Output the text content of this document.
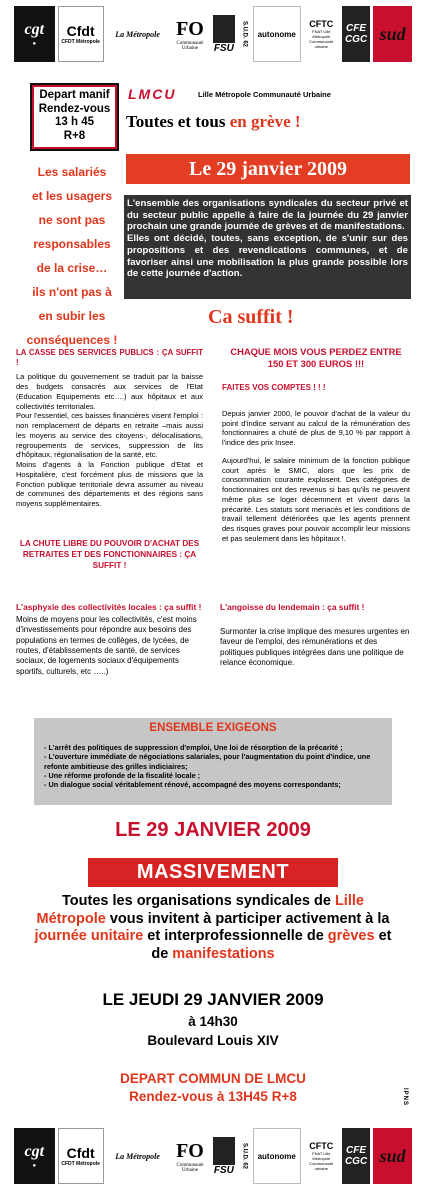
cgt
●
Cfdt
CFDT Métropole
La Métropole FO
Communauté Urbaine	FSU
S.U.D. 62 autonome
CFTC
FNAT Lille Métropole Communauté urbaine
CFE CGC sud
Depart manif
Rendez-vous
13 h 45
R+8
Les salariés
et les usagers
ne sont pas
responsables
de la crise…
ils n'ont pas à
en subir les
conséquences !
LMCU	Lille Métropole Communauté Urbaine
Toutes et tous en grève !
Le 29 janvier 2009

L'ensemble des organisations syndicales du secteur privé et du secteur public appelle à faire de la journée du 29 janvier prochain une grande journée de grèves et de manifestations.

Elles ont décidé, toutes, sans exception, de s'unir sur des propositions et des revendications communes, et de favoriser ainsi une mobilisation la plus grande possible lors de cette journée d'action.

Ca suffit !
LA CASSE DES SERVICES PUBLICS : ÇA SUFFIT !

La politique du gouvernement se traduit par la baisse des budgets consacrés aux services de l'Etat (Education Equipements etc….) aux hôpitaux et aux collectivités territoriales.

Pour l'essentiel, ces baisses financières visent l'emploi : non remplacement de départs en retraite –mais aussi les moyens au service des citoyens-, délocalisations, regroupements de services, suppression de lits d'hôpitaux, régionalisation de la santé, etc.

Moins d'agents à la Fonction publique d'Etat et Hospitalière, c'est forcément plus de missions que la Fonction publique territoriale devra assumer au niveau de communes des départements et des régions sans moyens supplémentaires.

CHAQUE MOIS VOUS PERDEZ ENTRE 150 ET 300 EUROS !!!
FAITES VOS COMPTES ! ! !

Depuis janvier 2000, le pouvoir d'achat de la valeur du point d'indice servant au calcul de la rémunération des fonctionnaires a chuté de plus de 9,10 % par rapport à l'indice des prix Insee.

Aujourd'hui, le salaire minimum de la fonction publique court après le SMIC, alors que les prix de consommation courante explosent. Des catégories de fonctionnaires ont des revenus si bas qu'ils ne peuvent même plus se loger décemment et vivent dans la précarité. Les statuts sont menacés et les conditions de travail tellement détériorées que les agents prennent des risques graves pour pouvoir accomplir leur missions et pas seulement dans les hôpitaux !.

LA CHUTE LIBRE DU POUVOIR D'ACHAT DES RETRAITES ET DES FONCTIONNAIRES : ÇA SUFFIT !
L'asphyxie des collectivités locales : ça suffit !

Moins de moyens pour les collectivités, c'est moins d'investissements pour répondre aux besoins des populations en termes de collèges, de lycées, de routes, d'établissements de santé, de services sociaux, de logements sociaux d'équipements sportifs, culturels, etc …..)

L'angoisse du lendemain : ça suffit !

Surmonter la crise implique des mesures urgentes en faveur de l'emploi, des rémunérations et des politiques publiques intégrées dans une politique de relance économique.

ENSEMBLE EXIGEONS
- L'arrêt des politiques de suppression d'emploi, Une loi de résorption de la précarité ;
- L'ouverture immédiate de négociations salariales, pour l'augmentation du point d'indice, une refonte ambitieuse des grilles indiciaires;
- Une réforme profonde de la fiscalité locale ;
- Un dialogue social véritablement rénové, accompagné des moyens correspondants;
LE 29 JANVIER 2009
MASSIVEMENT
Toutes les organisations syndicales de Lille Métropole vous invitent à participer activement à la journée unitaire et interprofessionnelle de grèves et de manifestations
LE JEUDI 29 JANVIER 2009
à 14h30
Boulevard Louis XIV
DEPART COMMUN DE LMCU
Rendez-vous à 13H45 R+8	IPNS
cgt
●
Cfdt
CFDT Métropole
La Métropole FO
Communauté Urbaine	FSU
S.U.D. 62 autonome
CFTC
FNAT Lille Métropole Communauté urbaine
CFE CGC sud
